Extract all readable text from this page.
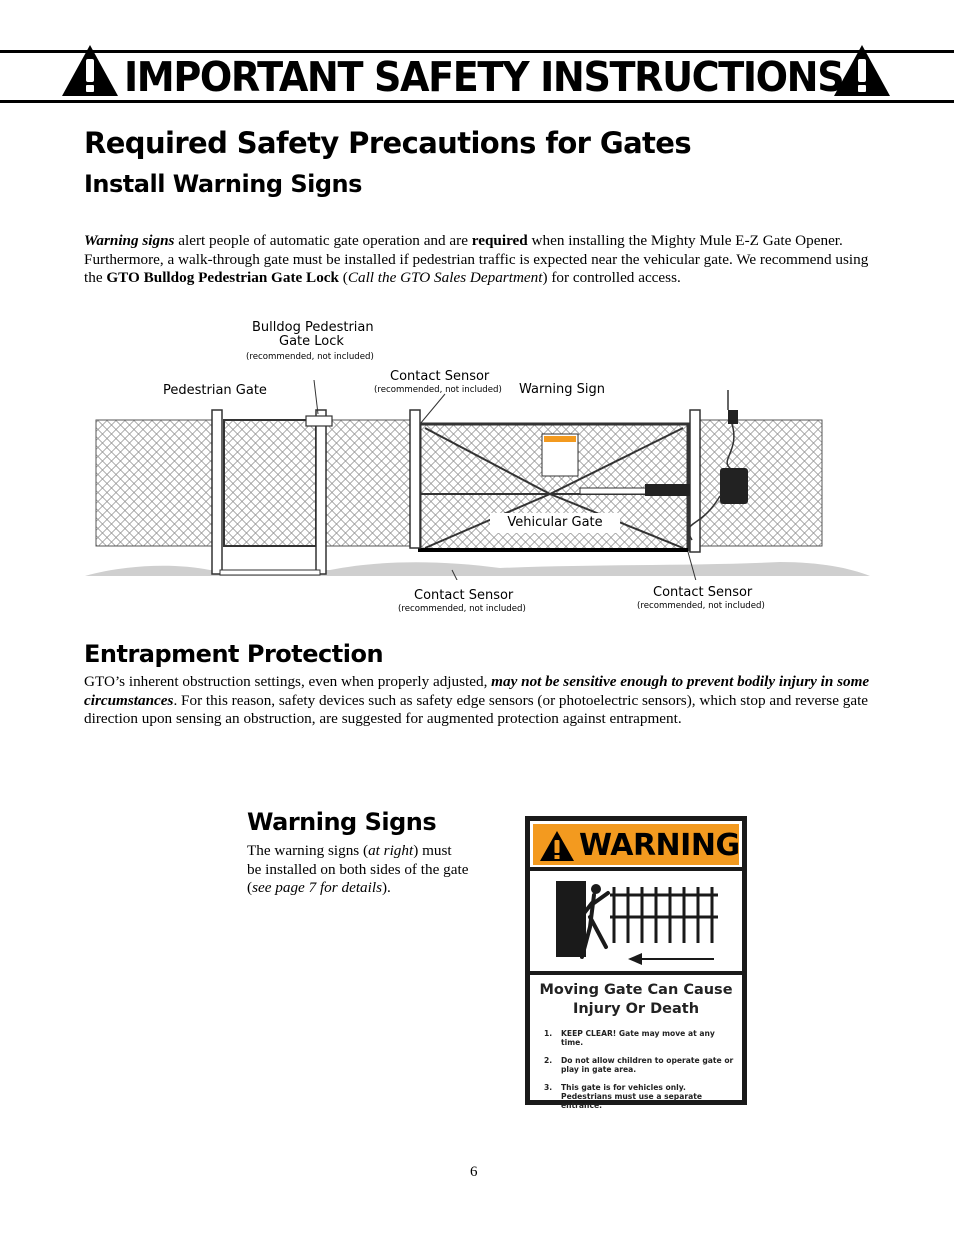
IMPORTANT SAFETY INSTRUCTIONS
Required Safety Precautions for Gates
Install Warning Signs
Warning signs alert people of automatic gate operation and are required when installing the Mighty Mule E-Z Gate Opener. Furthermore, a walk-through gate must be installed if pedestrian traffic is expected near the vehicular gate. We recommend using the GTO Bulldog Pedestrian Gate Lock (Call the GTO Sales Department) for controlled access.
Bulldog Pedestrian
Gate Lock
(recommended, not included)
Pedestrian Gate
Contact Sensor
(recommended, not included) Warning Sign
Vehicular Gate
Contact Sensor
(recommended, not included)
Contact Sensor
(recommended, not included)
Entrapment Protection
GTO’s inherent obstruction settings, even when properly adjusted, may not be sensitive enough to prevent bodily injury in some circumstances. For this reason, safety devices such as safety edge sensors (or photoelectric sensors), which stop and reverse gate direction upon sensing an obstruction, are suggested for augmented protection against entrapment.
Warning Signs
The warning signs (at right) must be installed on both sides of the gate (see page 7 for details).
WARNING
Moving Gate Can Cause
Injury Or Death
1. KEEP CLEAR! Gate may move at any time.
2. Do not allow children to operate gate or play in gate area.
3. This gate is for vehicles only. Pedestrians must use a separate entrance.
6
